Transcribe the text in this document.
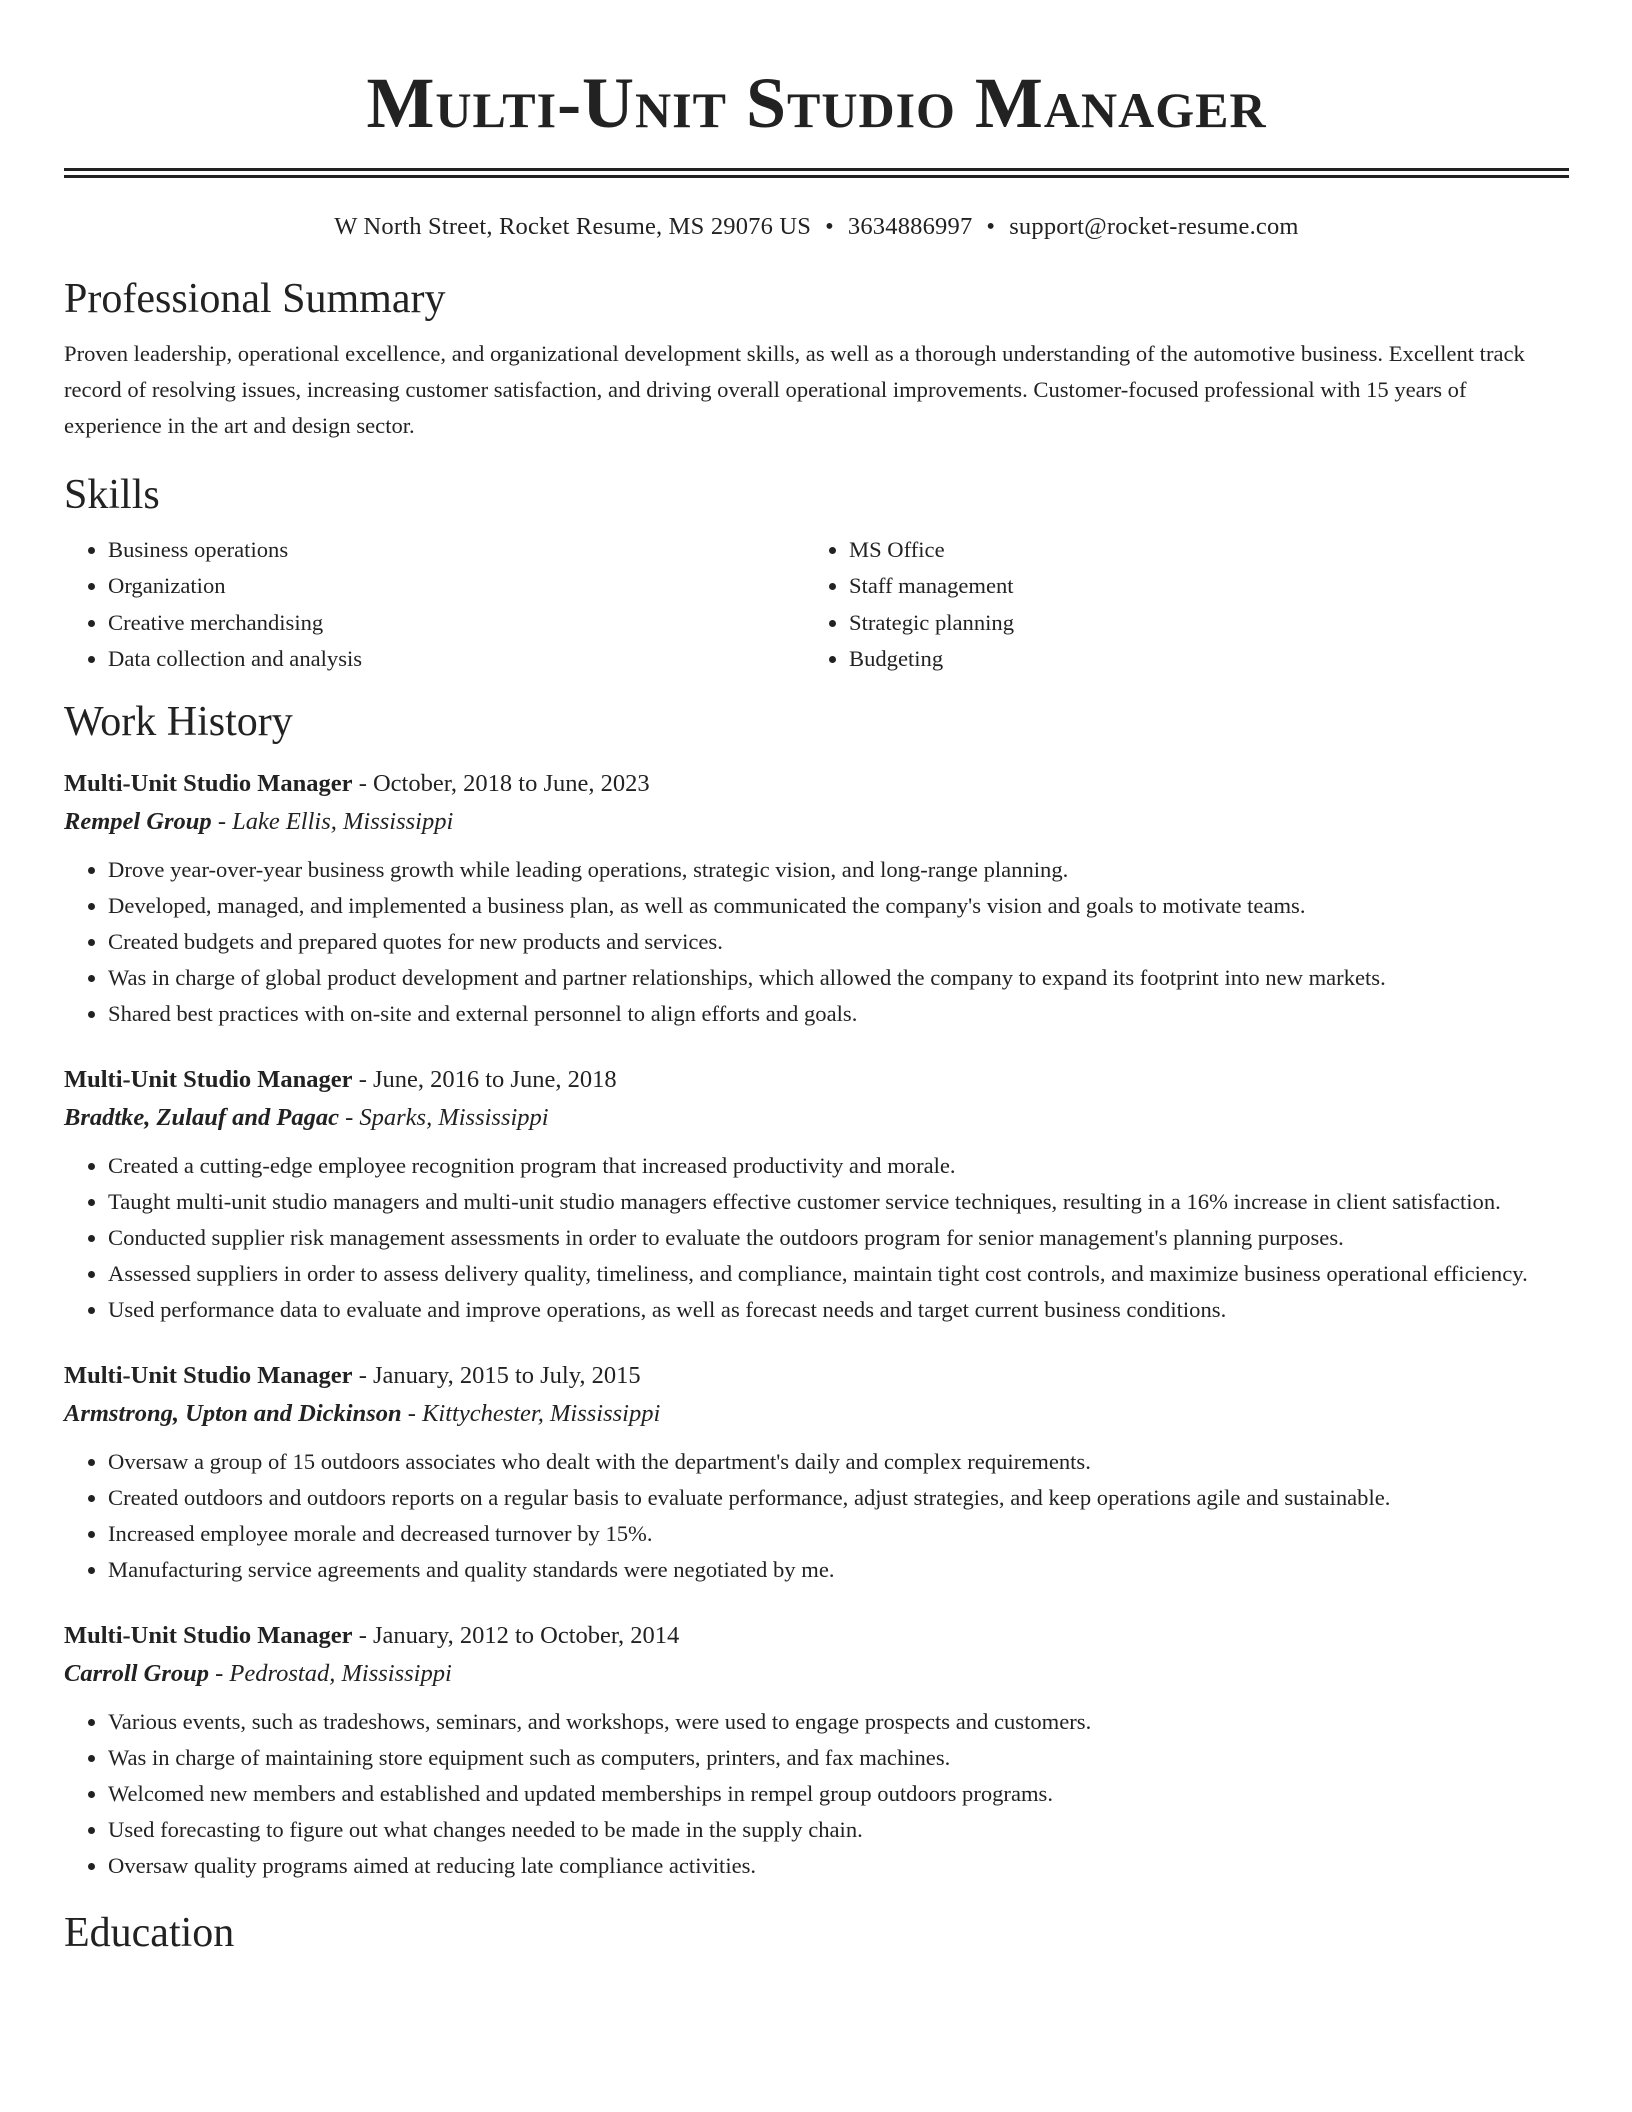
Multi-Unit Studio Manager
W North Street, Rocket Resume, MS 29076 US • 3634886997 • support@rocket-resume.com
Professional Summary
Proven leadership, operational excellence, and organizational development skills, as well as a thorough understanding of the automotive business. Excellent track record of resolving issues, increasing customer satisfaction, and driving overall operational improvements. Customer-focused professional with 15 years of experience in the art and design sector.
Skills
• Business operations
• Organization
• Creative merchandising
• Data collection and analysis
• MS Office
• Staff management
• Strategic planning
• Budgeting
Work History
Multi-Unit Studio Manager - October, 2018 to June, 2023
Rempel Group - Lake Ellis, Mississippi
• Drove year-over-year business growth while leading operations, strategic vision, and long-range planning.
• Developed, managed, and implemented a business plan, as well as communicated the company's vision and goals to motivate teams.
• Created budgets and prepared quotes for new products and services.
• Was in charge of global product development and partner relationships, which allowed the company to expand its footprint into new markets.
• Shared best practices with on-site and external personnel to align efforts and goals.
Multi-Unit Studio Manager - June, 2016 to June, 2018
Bradtke, Zulauf and Pagac - Sparks, Mississippi
• Created a cutting-edge employee recognition program that increased productivity and morale.
• Taught multi-unit studio managers and multi-unit studio managers effective customer service techniques, resulting in a 16% increase in client satisfaction.
• Conducted supplier risk management assessments in order to evaluate the outdoors program for senior management's planning purposes.
• Assessed suppliers in order to assess delivery quality, timeliness, and compliance, maintain tight cost controls, and maximize business operational efficiency.
• Used performance data to evaluate and improve operations, as well as forecast needs and target current business conditions.
Multi-Unit Studio Manager - January, 2015 to July, 2015
Armstrong, Upton and Dickinson - Kittychester, Mississippi
• Oversaw a group of 15 outdoors associates who dealt with the department's daily and complex requirements.
• Created outdoors and outdoors reports on a regular basis to evaluate performance, adjust strategies, and keep operations agile and sustainable.
• Increased employee morale and decreased turnover by 15%.
• Manufacturing service agreements and quality standards were negotiated by me.
Multi-Unit Studio Manager - January, 2012 to October, 2014
Carroll Group - Pedrostad, Mississippi
• Various events, such as tradeshows, seminars, and workshops, were used to engage prospects and customers.
• Was in charge of maintaining store equipment such as computers, printers, and fax machines.
• Welcomed new members and established and updated memberships in rempel group outdoors programs.
• Used forecasting to figure out what changes needed to be made in the supply chain.
• Oversaw quality programs aimed at reducing late compliance activities.
Education
